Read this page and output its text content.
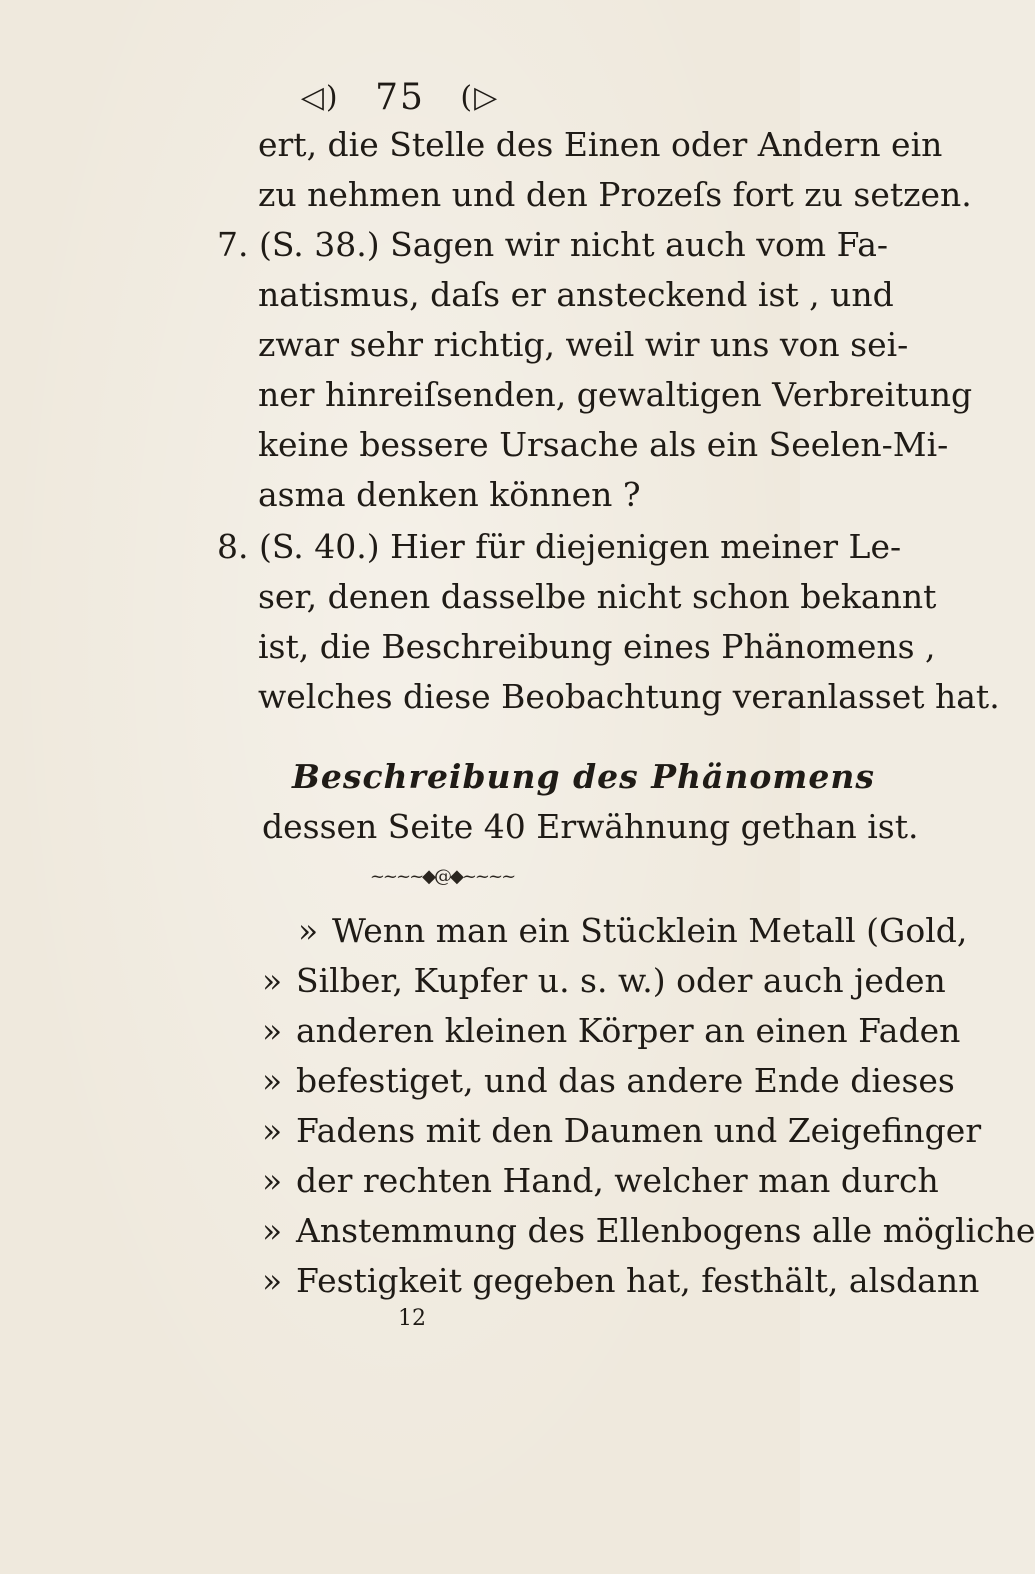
◁) 75 (▷
ert, die Stelle des Einen oder Andern ein
zu nehmen und den Prozeſs fort zu setzen.
7. (S. 38.) Sagen wir nicht auch vom Fa-
natismus, daſs er ansteckend ist , und
zwar sehr richtig, weil wir uns von sei-
ner hinreiſsenden, gewaltigen Verbreitung
keine bessere Ursache als ein Seelen-Mi-
asma denken können ?
8. (S. 40.) Hier für diejenigen meiner Le-
ser, denen dasselbe nicht schon bekannt
ist, die Beschreibung eines Phänomens ,
welches diese Beobachtung veranlasset hat.
Beschreibung des Phänomens
dessen Seite 40 Erwähnung gethan ist.
~~~~◆@◆~~~~
» Wenn man ein Stücklein Metall (Gold,
» Silber, Kupfer u. s. w.) oder auch jeden
» anderen kleinen Körper an einen Faden
» befestiget, und das andere Ende dieses
» Fadens mit den Daumen und Zeigefinger
» der rechten Hand, welcher man durch
» Anstemmung des Ellenbogens alle mögliche
» Festigkeit gegeben hat, festhält, alsdann
12
